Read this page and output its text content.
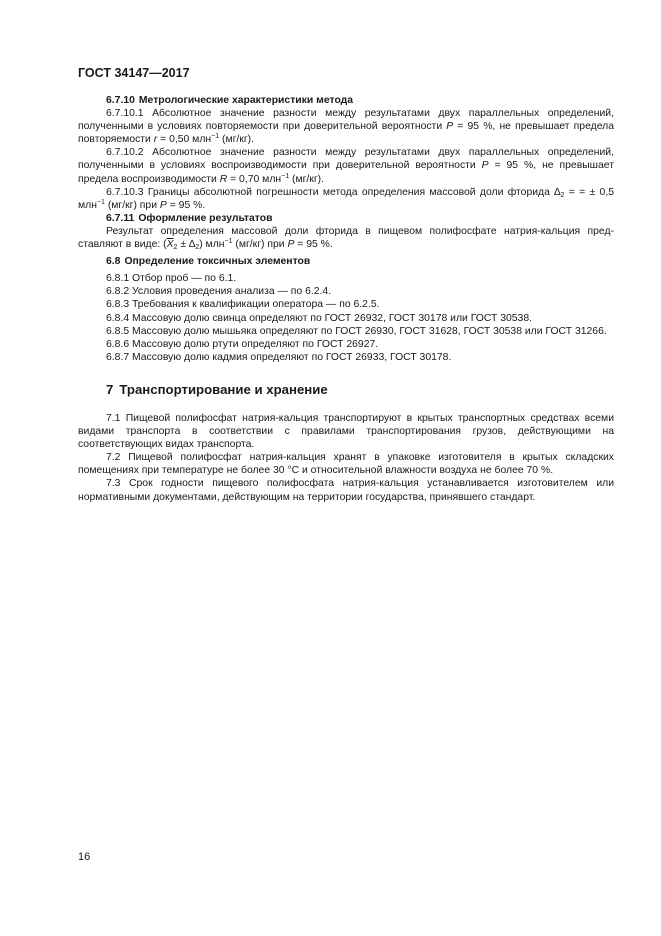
ГОСТ 34147—2017
6.7.10 Метрологические характеристики метода

6.7.10.1 Абсолютное значение разности между результатами двух параллельных определений, полученными в условиях повторяемости при доверительной вероятности P = 95 %, не превышает предела повторяемости r = 0,50 млн$^{-1}$ (мг/кг).

6.7.10.2 Абсолютное значение разности между результатами двух параллельных определений, полученными в условиях воспроизводимости при доверительной вероятности P = 95 %, не превышает предела воспроизводимости R = 0,70 млн$^{-1}$ (мг/кг).

6.7.10.3 Границы абсолютной погрешности метода определения массовой доли фторида $\Delta_2$ = = ± 0,5 млн$^{-1}$ (мг/кг) при P = 95 %.

6.7.11 Оформление результатов

Результат определения массовой доли фторида в пищевом полифосфате натрия-кальция представляют в виде: $(\overline{X}_2 \pm \Delta_2)$ млн$^{-1}$ (мг/кг) при P = 95 %.

6.8 Определение токсичных элементов

6.8.1 Отбор проб — по 6.1.

6.8.2 Условия проведения анализа — по 6.2.4.

6.8.3 Требования к квалификации оператора — по 6.2.5.

6.8.4 Массовую долю свинца определяют по ГОСТ 26932, ГОСТ 30178 или ГОСТ 30538.

6.8.5 Массовую долю мышьяка определяют по ГОСТ 26930, ГОСТ 31628, ГОСТ 30538 или ГОСТ 31266.

6.8.6 Массовую долю ртути определяют по ГОСТ 26927.

6.8.7 Массовую долю кадмия определяют по ГОСТ 26933, ГОСТ 30178.

7 Транспортирование и хранение

7.1 Пищевой полифосфат натрия-кальция транспортируют в крытых транспортных средствах всеми видами транспорта в соответствии с правилами транспортирования грузов, действующими на соответствующих видах транспорта.

7.2 Пищевой полифосфат натрия-кальция хранят в упаковке изготовителя в крытых складских помещениях при температуре не более 30 °С и относительной влажности воздуха не более 70 %.

7.3 Срок годности пищевого полифосфата натрия-кальция устанавливается изготовителем или нормативными документами, действующим на территории государства, принявшего стандарт.

16
